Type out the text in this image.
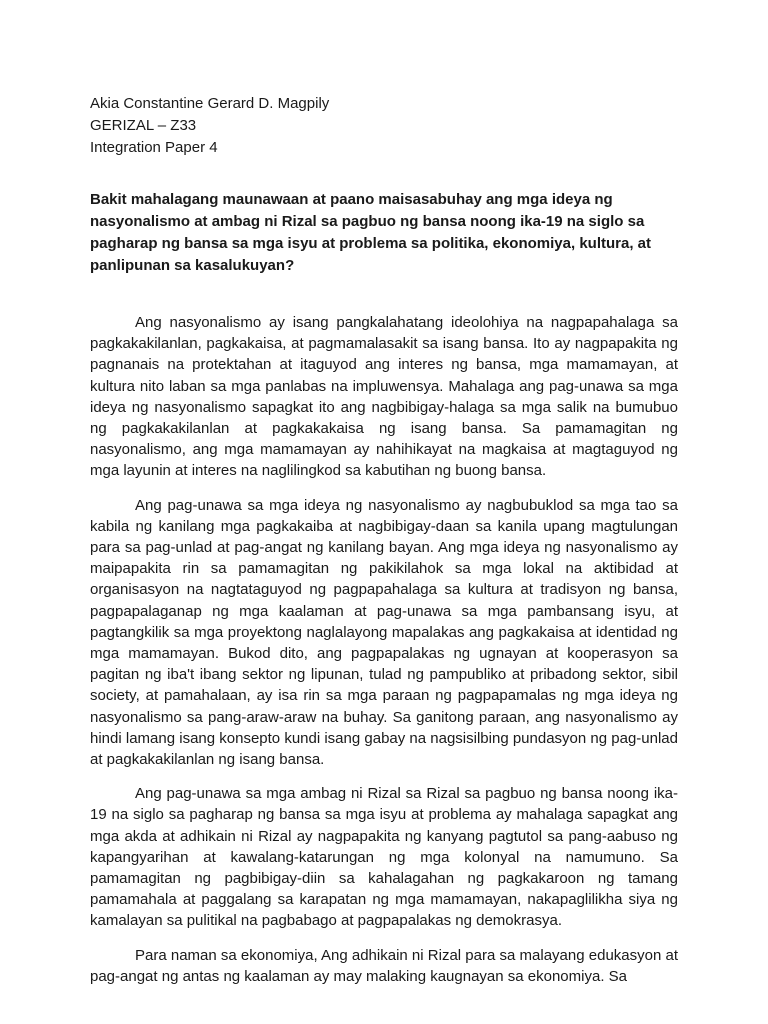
Akia Constantine Gerard D. Magpily

GERIZAL – Z33

Integration Paper 4

Bakit mahalagang maunawaan at paano maisasabuhay ang mga ideya ng nasyonalismo at ambag ni Rizal sa pagbuo ng bansa noong ika-19 na siglo sa pagharap ng bansa sa mga isyu at problema sa politika, ekonomiya, kultura, at panlipunan sa kasalukuyan?

Ang nasyonalismo ay isang pangkalahatang ideolohiya na nagpapahalaga sa pagkakakilanlan, pagkakaisa, at pagmamalasakit sa isang bansa. Ito ay nagpapakita ng pagnanais na protektahan at itaguyod ang interes ng bansa, mga mamamayan, at kultura nito laban sa mga panlabas na impluwensya. Mahalaga ang pag-unawa sa mga ideya ng nasyonalismo sapagkat ito ang nagbibigay-halaga sa mga salik na bumubuo ng pagkakakilanlan at pagkakakaisa ng isang bansa. Sa pamamagitan ng nasyonalismo, ang mga mamamayan ay nahihikayat na magkaisa at magtaguyod ng mga layunin at interes na naglilingkod sa kabutihan ng buong bansa.

Ang pag-unawa sa mga ideya ng nasyonalismo ay nagbubuklod sa mga tao sa kabila ng kanilang mga pagkakaiba at nagbibigay-daan sa kanila upang magtulungan para sa pag-unlad at pag-angat ng kanilang bayan. Ang mga ideya ng nasyonalismo ay maipapakita rin sa pamamagitan ng pakikilahok sa mga lokal na aktibidad at organisasyon na nagtataguyod ng pagpapahalaga sa kultura at tradisyon ng bansa, pagpapalaganap ng mga kaalaman at pag-unawa sa mga pambansang isyu, at pagtangkilik sa mga proyektong naglalayong mapalakas ang pagkakaisa at identidad ng mga mamamayan. Bukod dito, ang pagpapalakas ng ugnayan at kooperasyon sa pagitan ng iba't ibang sektor ng lipunan, tulad ng pampubliko at pribadong sektor, sibil society, at pamahalaan, ay isa rin sa mga paraan ng pagpapamalas ng mga ideya ng nasyonalismo sa pang-araw-araw na buhay. Sa ganitong paraan, ang nasyonalismo ay hindi lamang isang konsepto kundi isang gabay na nagsisilbing pundasyon ng pag-unlad at pagkakakilanlan ng isang bansa.

Ang pag-unawa sa mga ambag ni Rizal sa Rizal sa pagbuo ng bansa noong ika-19 na siglo sa pagharap ng bansa sa mga isyu at problema ay mahalaga sapagkat ang mga akda at adhikain ni Rizal ay nagpapakita ng kanyang pagtutol sa pang-aabuso ng kapangyarihan at kawalang-katarungan ng mga kolonyal na namumuno. Sa pamamagitan ng pagbibigay-diin sa kahalagahan ng pagkakaroon ng tamang pamamahala at paggalang sa karapatan ng mga mamamayan, nakapaglilikha siya ng kamalayan sa pulitikal na pagbabago at pagpapalakas ng demokrasya.

Para naman sa ekonomiya, Ang adhikain ni Rizal para sa malayang edukasyon at pag-angat ng antas ng kaalaman ay may malaking kaugnayan sa ekonomiya. Sa
